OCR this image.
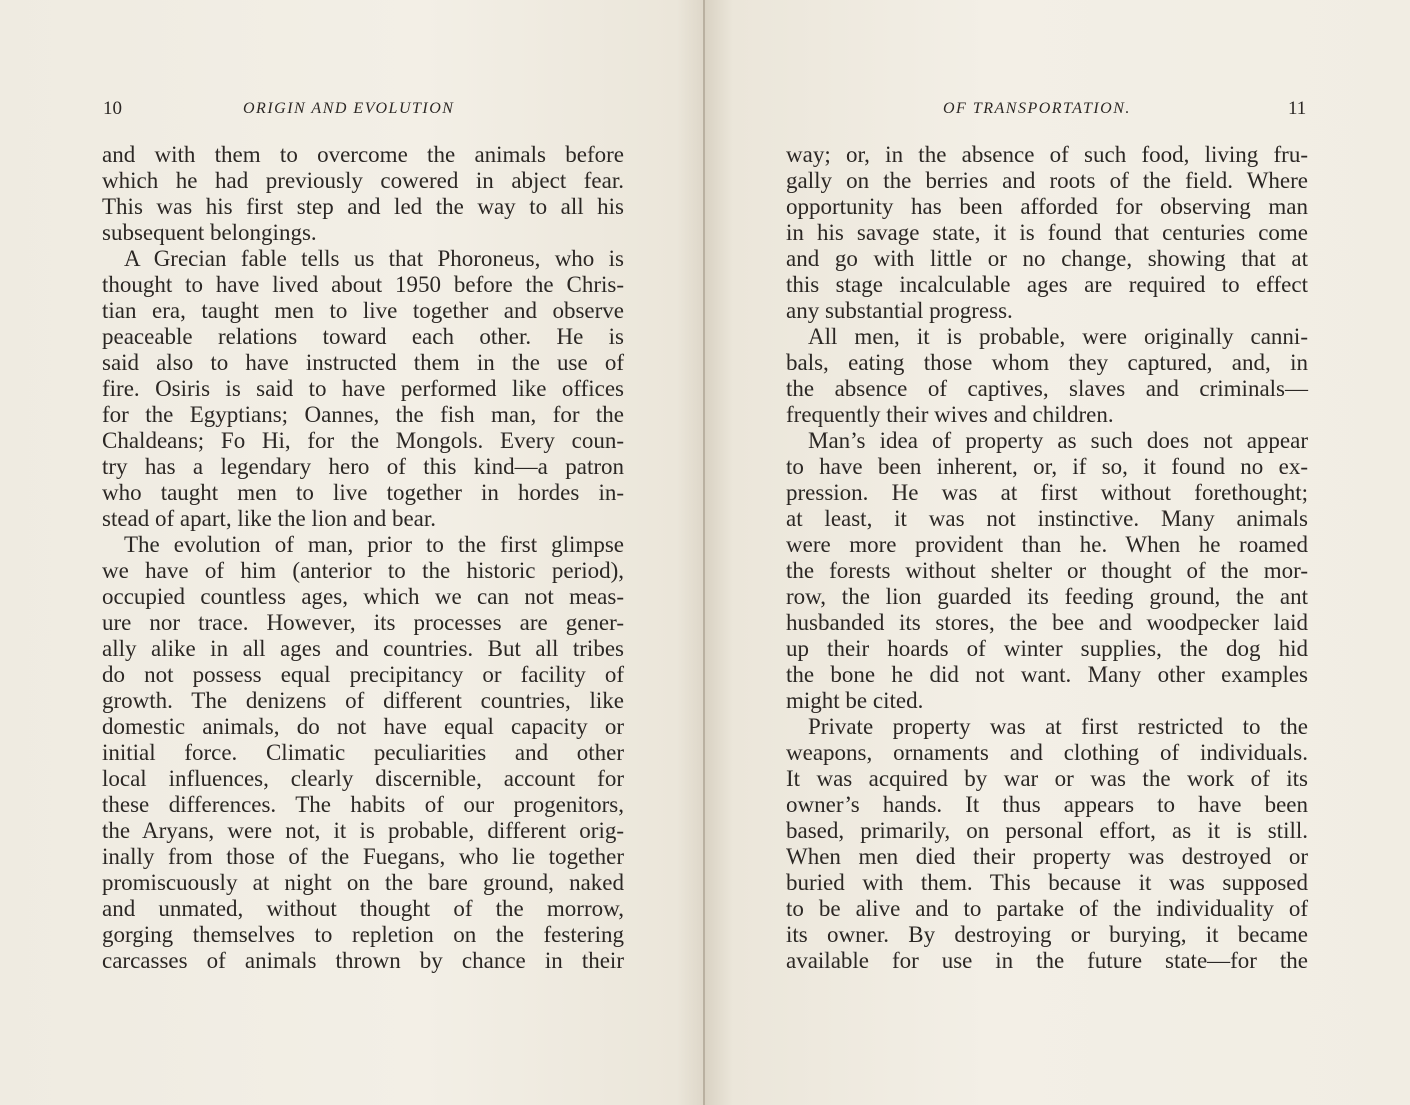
10	ORIGIN AND EVOLUTION
and with them to overcome the animals before
which he had previously cowered in abject fear.
This was his first step and led the way to all his
subsequent belongings.
A Grecian fable tells us that Phoroneus, who is
thought to have lived about 1950 before the Chris-
tian era, taught men to live together and observe
peaceable relations toward each other. He is
said also to have instructed them in the use of
fire. Osiris is said to have performed like offices
for the Egyptians; Oannes, the fish man, for the
Chaldeans; Fo Hi, for the Mongols. Every coun-
try has a legendary hero of this kind—a patron
who taught men to live together in hordes in-
stead of apart, like the lion and bear.
The evolution of man, prior to the first glimpse
we have of him (anterior to the historic period),
occupied countless ages, which we can not meas-
ure nor trace. However, its processes are gener-
ally alike in all ages and countries. But all tribes
do not possess equal precipitancy or facility of
growth. The denizens of different countries, like
domestic animals, do not have equal capacity or
initial force. Climatic peculiarities and other
local influences, clearly discernible, account for
these differences. The habits of our progenitors,
the Aryans, were not, it is probable, different orig-
inally from those of the Fuegans, who lie together
promiscuously at night on the bare ground, naked
and unmated, without thought of the morrow,
gorging themselves to repletion on the festering
carcasses of animals thrown by chance in their
OF TRANSPORTATION.	11
way; or, in the absence of such food, living fru-
gally on the berries and roots of the field. Where
opportunity has been afforded for observing man
in his savage state, it is found that centuries come
and go with little or no change, showing that at
this stage incalculable ages are required to effect
any substantial progress.
All men, it is probable, were originally canni-
bals, eating those whom they captured, and, in
the absence of captives, slaves and criminals—
frequently their wives and children.
Man’s idea of property as such does not appear
to have been inherent, or, if so, it found no ex-
pression. He was at first without forethought;
at least, it was not instinctive. Many animals
were more provident than he. When he roamed
the forests without shelter or thought of the mor-
row, the lion guarded its feeding ground, the ant
husbanded its stores, the bee and woodpecker laid
up their hoards of winter supplies, the dog hid
the bone he did not want. Many other examples
might be cited.
Private property was at first restricted to the
weapons, ornaments and clothing of individuals.
It was acquired by war or was the work of its
owner’s hands. It thus appears to have been
based, primarily, on personal effort, as it is still.
When men died their property was destroyed or
buried with them. This because it was supposed
to be alive and to partake of the individuality of
its owner. By destroying or burying, it became
available for use in the future state—for the
